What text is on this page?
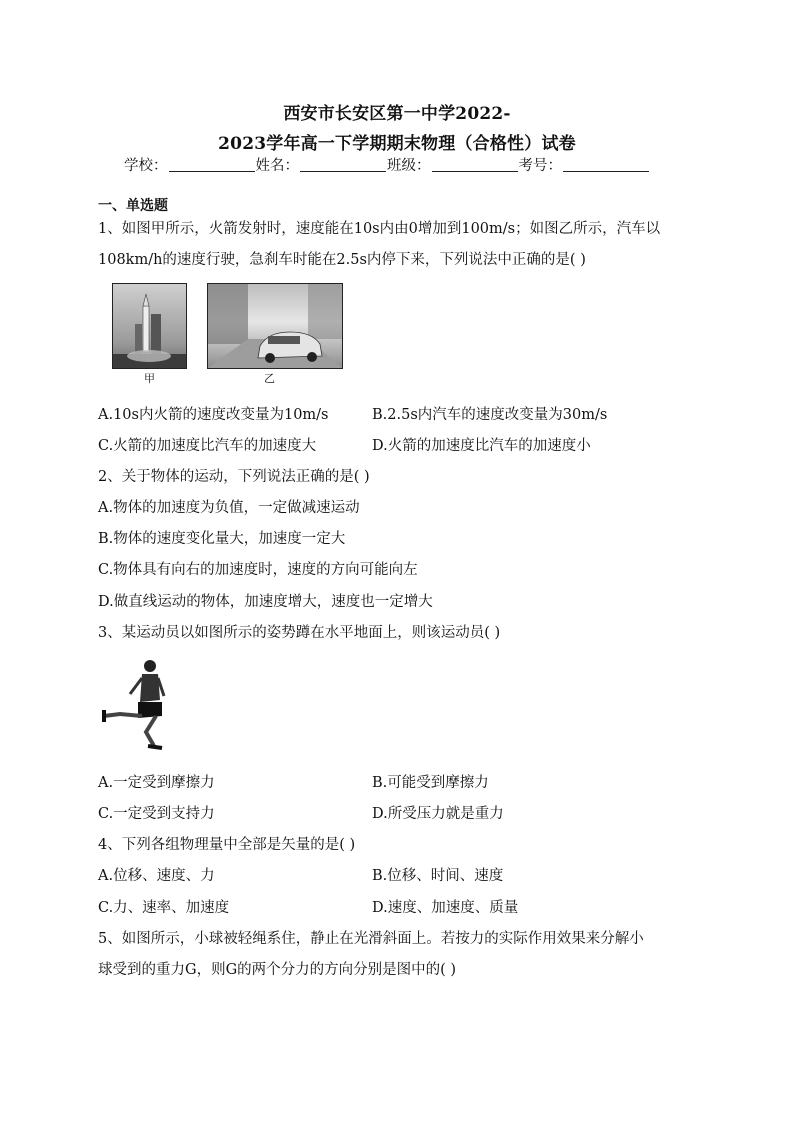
西安市长安区第一中学2022-
2023学年高一下学期期末物理（合格性）试卷
学校：	姓名：	班级：	考号：
一、单选题
1、如图甲所示，火箭发射时，速度能在10s内由0增加到100m/s；如图乙所示，汽车以
108km/h的速度行驶，急刹车时能在2.5s内停下来，下列说法中正确的是( )
甲	乙
A.10s内火箭的速度改变量为10m/s	B.2.5s内汽车的速度改变量为30m/s
C.火箭的加速度比汽车的加速度大	D.火箭的加速度比汽车的加速度小
2、关于物体的运动，下列说法正确的是( )
A.物体的加速度为负值，一定做减速运动
B.物体的速度变化量大，加速度一定大
C.物体具有向右的加速度时，速度的方向可能向左
D.做直线运动的物体，加速度增大，速度也一定增大
3、某运动员以如图所示的姿势蹲在水平地面上，则该运动员( )
A.一定受到摩擦力	B.可能受到摩擦力
C.一定受到支持力	D.所受压力就是重力
4、下列各组物理量中全部是矢量的是( )
A.位移、速度、力	B.位移、时间、速度
C.力、速率、加速度	D.速度、加速度、质量
5、如图所示，小球被轻绳系住，静止在光滑斜面上。若按力的实际作用效果来分解小
球受到的重力G，则G的两个分力的方向分别是图中的( )
